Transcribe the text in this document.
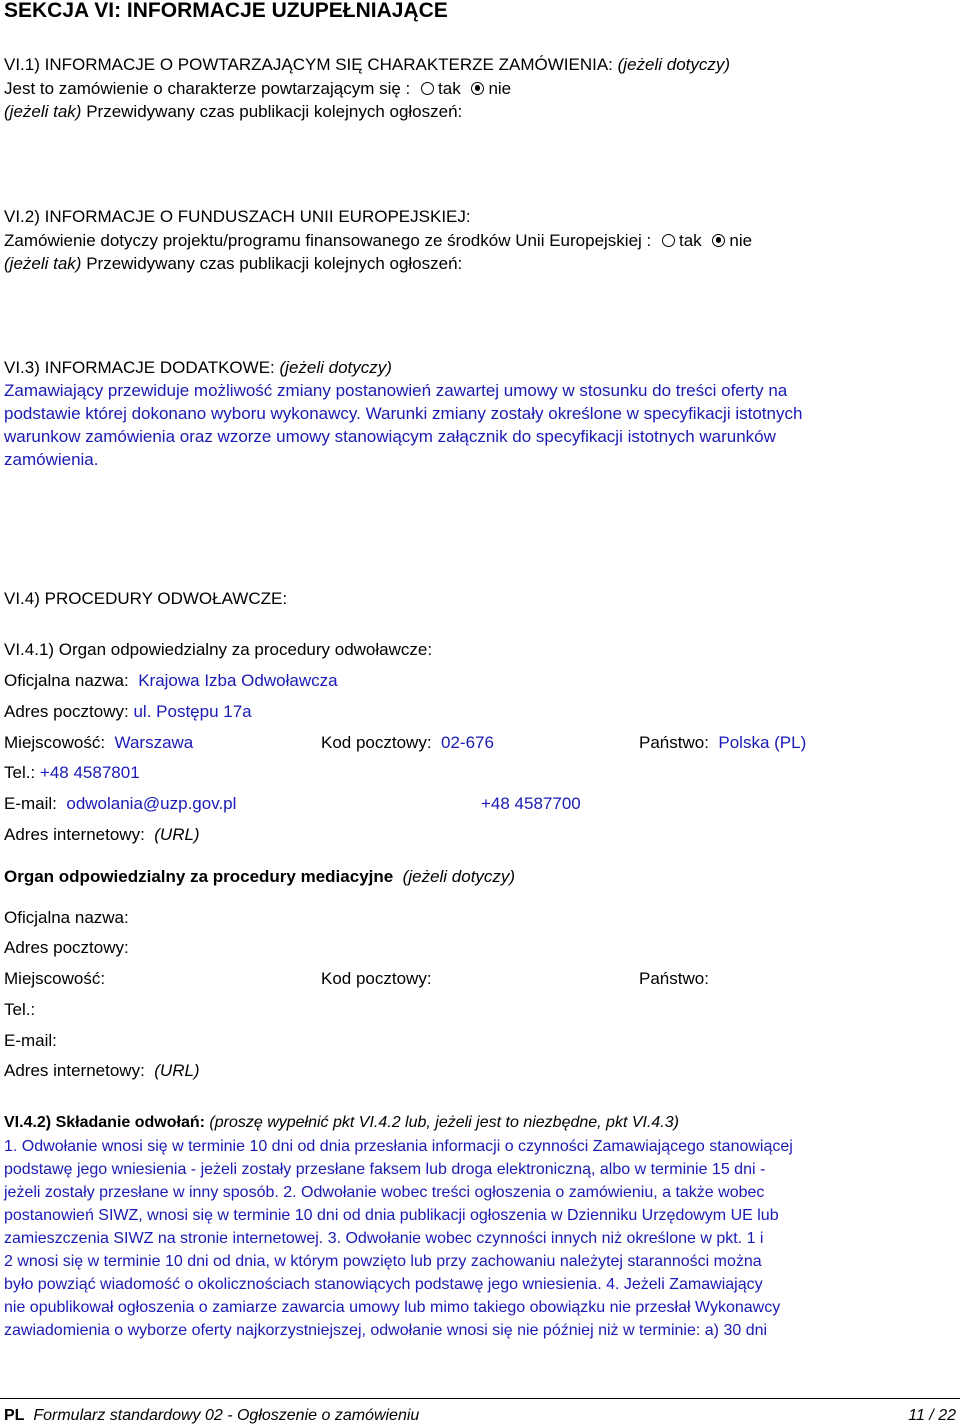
SEKCJA VI: INFORMACJE UZUPEŁNIAJĄCE
VI.1) INFORMACJE O POWTARZAJĄCYM SIĘ CHARAKTERZE ZAMÓWIENIA: (jeżeli dotyczy)
Jest to zamówienie o charakterze powtarzającym się : tak nie
(jeżeli tak) Przewidywany czas publikacji kolejnych ogłoszeń:
VI.2) INFORMACJE O FUNDUSZACH UNII EUROPEJSKIEJ:
Zamówienie dotyczy projektu/programu finansowanego ze środków Unii Europejskiej : tak nie
(jeżeli tak) Przewidywany czas publikacji kolejnych ogłoszeń:
VI.3) INFORMACJE DODATKOWE: (jeżeli dotyczy)
Zamawiający przewiduje możliwość zmiany postanowień zawartej umowy w stosunku do treści oferty na
podstawie której dokonano wyboru wykonawcy. Warunki zmiany zostały określone w specyfikacji istotnych
warunkow zamówienia oraz wzorze umowy stanowiącym załącznik do specyfikacji istotnych warunków
zamówienia.
VI.4) PROCEDURY ODWOŁAWCZE:
VI.4.1) Organ odpowiedzialny za procedury odwoławcze:
Oficjalna nazwa: Krajowa Izba Odwoławcza
Adres pocztowy: ul. Postępu 17a
Miejscowość: Warszawa	Kod pocztowy: 02-676	Państwo: Polska (PL)
Tel.: +48 4587801
E-mail: odwolania@uzp.gov.pl	+48 4587700
Adres internetowy: (URL)
Organ odpowiedzialny za procedury mediacyjne (jeżeli dotyczy)
Oficjalna nazwa:
Adres pocztowy:
Miejscowość:	Kod pocztowy:	Państwo:
Tel.:
E-mail:
Adres internetowy: (URL)
VI.4.2) Składanie odwołań: (proszę wypełnić pkt VI.4.2 lub, jeżeli jest to niezbędne, pkt VI.4.3)
1. Odwołanie wnosi się w terminie 10 dni od dnia przesłania informacji o czynności Zamawiającego stanowiącej
podstawę jego wniesienia - jeżeli zostały przesłane faksem lub droga elektroniczną, albo w terminie 15 dni -
jeżeli zostały przesłane w inny sposób. 2. Odwołanie wobec treści ogłoszenia o zamówieniu, a także wobec
postanowień SIWZ, wnosi się w terminie 10 dni od dnia publikacji ogłoszenia w Dzienniku Urzędowym UE lub
zamieszczenia SIWZ na stronie internetowej. 3. Odwołanie wobec czynności innych niż określone w pkt. 1 i
2 wnosi się w terminie 10 dni od dnia, w którym powzięto lub przy zachowaniu należytej staranności można
było powziąć wiadomość o okolicznościach stanowiących podstawę jego wniesienia. 4. Jeżeli Zamawiający
nie opublikował ogłoszenia o zamiarze zawarcia umowy lub mimo takiego obowiązku nie przesłał Wykonawcy
zawiadomienia o wyborze oferty najkorzystniejszej, odwołanie wnosi się nie później niż w terminie: a) 30 dni
PL Formularz standardowy 02 - Ogłoszenie o zamówieniu	11 / 22
